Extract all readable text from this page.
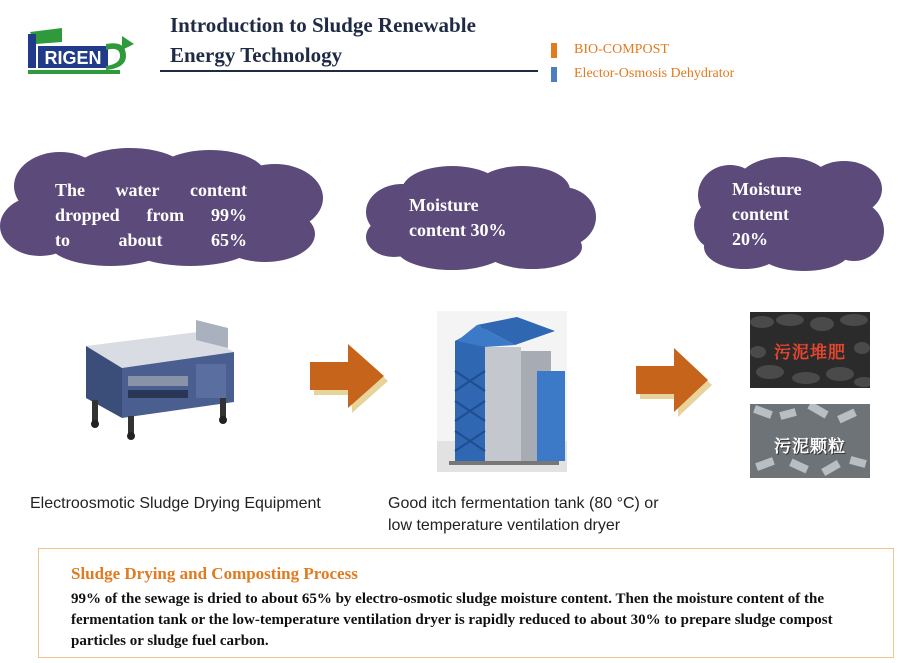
RIGEN
Introduction to Sludge Renewable
Energy Technology	BIO-COMPOST
Elector-Osmosis Dehydrator
The water content
dropped from 99%
to about 65%
Moisture
content 30%
Moisture
content
20%
污泥堆肥
污泥颗粒
Electroosmotic Sludge Drying Equipment	Good itch fermentation tank (80 °C) or
low temperature ventilation dryer
Sludge Drying and Composting Process
99% of the sewage is dried to about 65% by electro-osmotic sludge moisture content. Then the moisture content of the fermentation tank or the low-temperature ventilation dryer is rapidly reduced to about 30% to prepare sludge compost particles or sludge fuel carbon.
